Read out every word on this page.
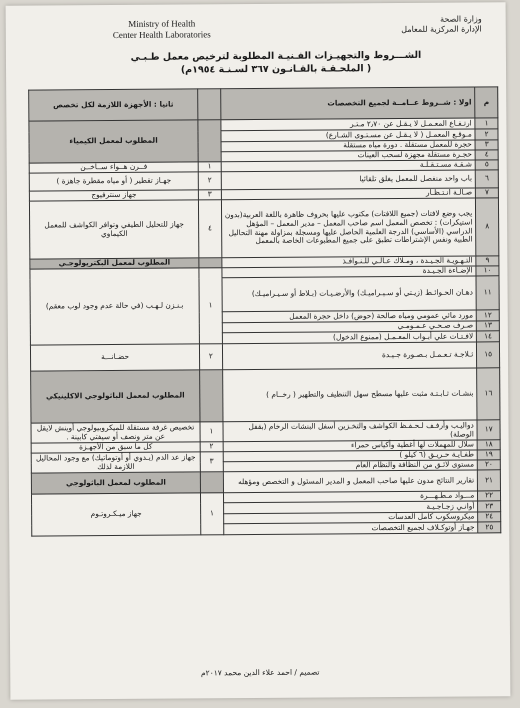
Ministry of Health
Center Health Laboratories
وزارة الصحة
الإدارة المركزية للمعامل
الشـــروط والتجهيـزات الفـنيـة المطلوبة لترخيص معمل طـبـي
(الملحـقـة بالقـانـون ٣٦٧ لسـنـة ١٩٥٤م )
م	اولا : شــروط عــامــة لجميع التخصصات		ثانيا : الأجهزة اللازمة لكل تخصص
١	ارتـفـاع المعـمـل لا يـقـل عن ٢٫٧٠ مـتـر		المطلوب لمعمل الكيمياء
٢	مـوقـع المعمـل ( لا يـقـل عن مسـتـوى الشـارع)		
٣	حجرة للمعمل مستقلة . دورة مياه مستقلة		
٤	حجـرة مستقلة مجهزة لسحب العينات		
٥	شـقـة مسـتـقـلـة	١	فــرن هــواء ســاخــن
٦	باب واحد منفصل للمعمل يغلق تلقائيا	٢	جهـاز تقطير ( أو مياه مقطرة جاهزة )
٧	صـالـة انـتـظـار	٣	جهاز سنترفيوج
٨	يجب وضع لافتات (جميع اللافتات) مكتوب عليها بحروف ظاهرة باللغة العربية(بدون استيكرات) : تخصص المعمل اسم صاحب المعمل – مدير المعمل – المؤهل الدراسي (الأساسي) الدرجة العلمية الحاصل عليها ومسجلة بمزاولة مهنة التحاليل الطبية ونفس الإشتراطات تطبق على جميع المطبوعات الخاصة بالمعمل	٤	جهاز للتحليل الطيفي وتوافر الكواشف للمعمل الكيماوي
٩	التـهـويـة الجـيـدة ، ومـلاك عـالـي للـنـوافـذ		المطلوب لمعمل البكتريولوجـي
١٠	الإضـاءة الجـيـدة	١	بـنـزن لـهـب (في حالة عدم وجود لوب معقم)
١١	دهـان الحـوائـط (زيـتي أو سـيـراميـك) والأرضـيـات (بـلاط أو سـيـراميـك)		
١٢	مورد مائي عمومي ومياه صالحة (حوض) داخل حجرة المعمل		
١٣	صـرف صـحـي عـمـومـي		
١٤	لافـتـات علي أبـواب المعـمـل (ممنوع الدخول)		
١٥	ثـلاجـة تـعـمـل بـصـورة جـيـدة	٢	حضـانـــة
١٦	بنشـات ثـابـتـة مثبت عليها مسطح سهل التنظيف والتطهير ( رخــام )		المطلوب لمعمل الباثولوجي الاكلينيكي
١٧	دواليـب وأرفـف لـحـفـظ الكواشف والتخـزين أسفل البنشات الرخام (بقفل الوصلة)	١	تخصيص غرفة مستقلة للميكروبيولوجي أوينش لايقل عن متر ونصف أو سيفتي كابينة .
١٨	سلال للمهملات لها أغطية وأكياس حمراء	٢	كل ما سبق من الأجهـزة
١٩	طفـايـة حـريـق (٦ كيلو )	٣	جهاز عد الدم (يـدوي أو أوتوماتيك) مع وجود المحاليل اللازمة لذلك
٢٠	مستوى لائـق من النظافة والنظام العام		
٢١	تقارير النتائج مدون عليها صاحب المعمل و المدير المسئول و التخصص ومؤهله		المطلوب لمعمل الباثولوجي
٢٢	مـــواد مـطـهـــرة	١	جهاز ميـكـروتـوم
٢٣	أوانـي زجـاجـيـة		
٢٤	ميكروسكوب كامل العدسات		
٢٥	جهـاز أوتوكـلاف لجميع التخصصات		
تصميم / احمد علاء الدين محمد ٢٠١٧م
